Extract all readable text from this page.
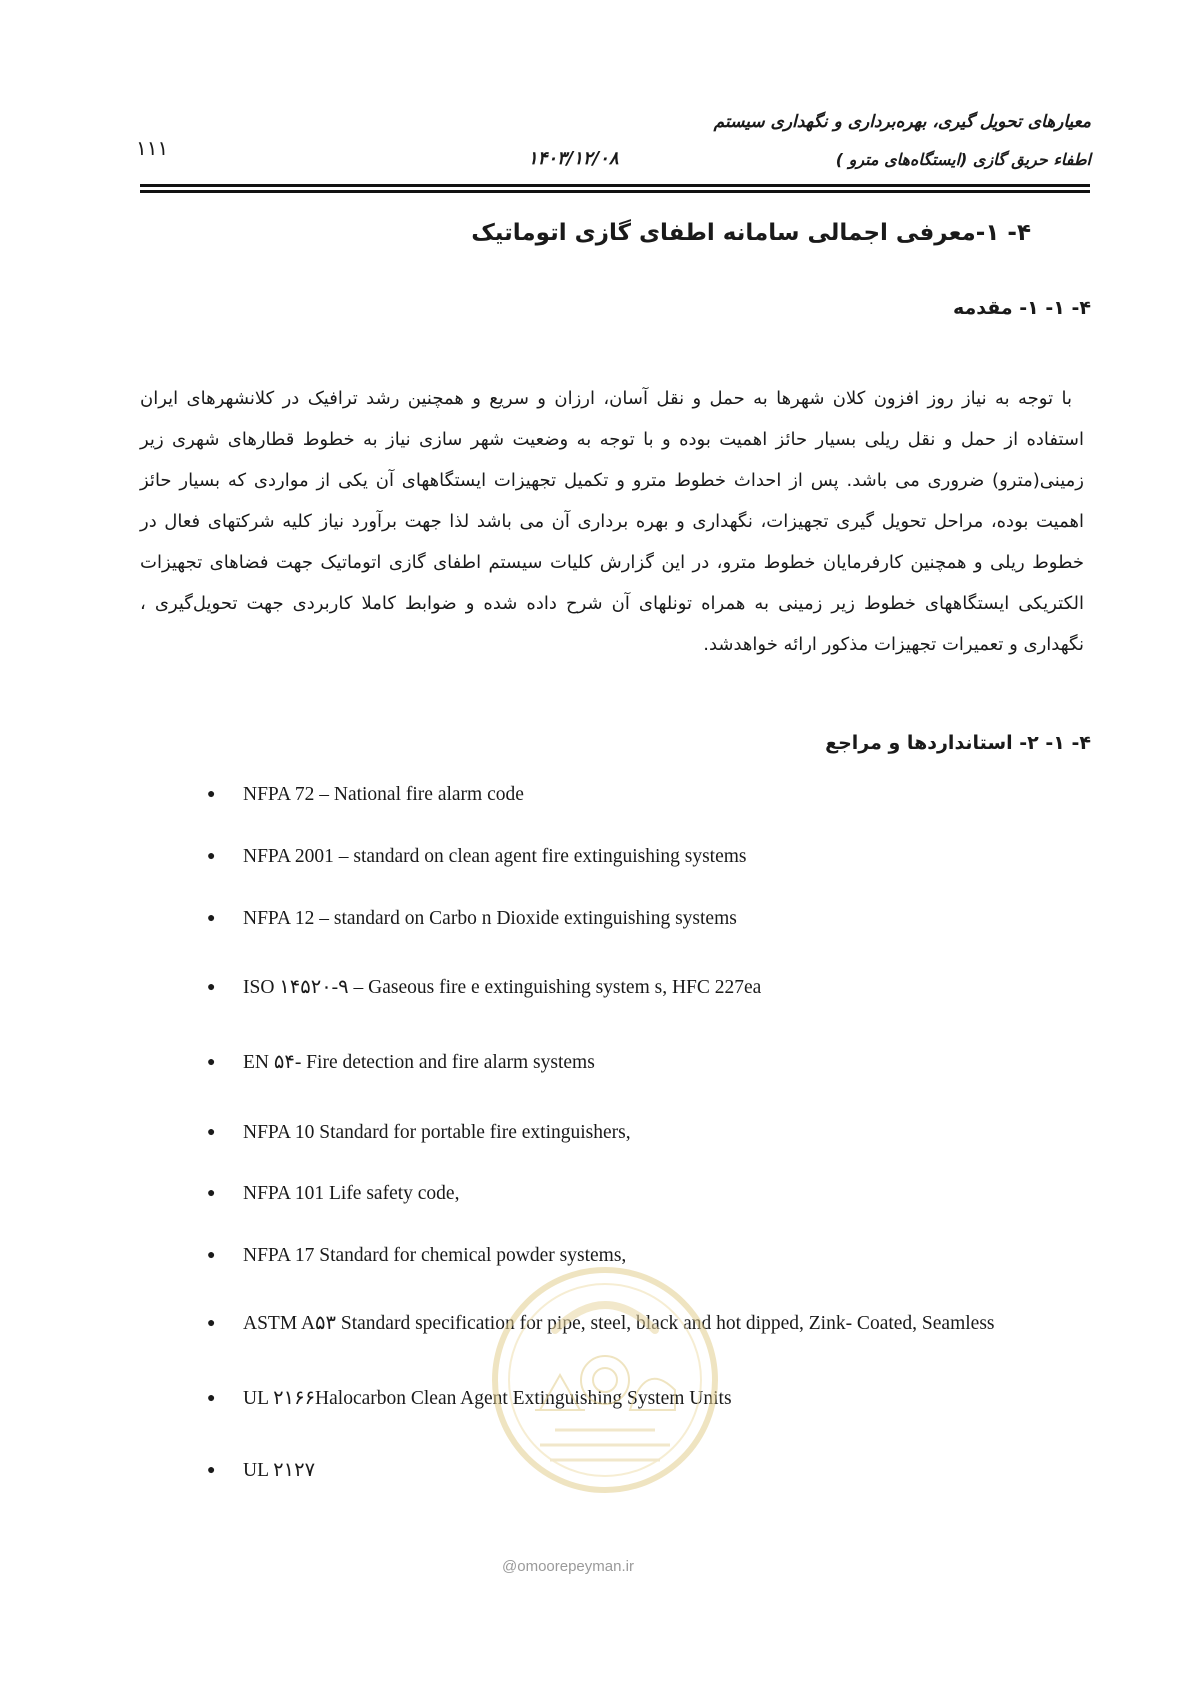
معیارهای تحویل گیری، بهره‌برداری و نگهداری سیستم
اطفاء حریق گازی (ایستگاه‌های مترو )
۱۴۰۳/۱۲/۰۸
۱۱۱
۴- ۱-معرفی اجمالی سامانه اطفای گازی اتوماتیک
۴- ۱- ۱- مقدمه

با توجه به نیاز روز افزون کلان شهرها به حمل و نقل آسان، ارزان و سریع و همچنین رشد ترافیک در کلانشهرهای ایران استفاده از حمل و نقل ریلی بسیار حائز اهمیت بوده و با توجه به وضعیت شهر سازی نیاز به خطوط قطارهای شهری زیر زمینی(مترو) ضروری می باشد. پس از احداث خطوط مترو و تکمیل تجهیزات ایستگاههای آن یکی از مواردی که بسیار حائز اهمیت بوده، مراحل تحویل گیری تجهیزات، نگهداری و بهره برداری آن می باشد لذا جهت برآورد نیاز کلیه شرکتهای فعال در خطوط ریلی و همچنین کارفرمایان خطوط مترو، در این گزارش کلیات سیستم اطفای گازی اتوماتیک جهت فضاهای تجهیزات الکتریکی ایستگاههای خطوط زیر زمینی به همراه تونلهای آن شرح داده شده و ضوابط کاملا کاربردی جهت تحویل‌گیری ، نگهداری و تعمیرات تجهیزات مذکور ارائه خواهدشد.

۴- ۱- ۲- استانداردها و مراجع
● NFPA 72 – National fire alarm code
● NFPA 2001 – standard on clean agent fire extinguishing systems
● NFPA 12 – standard on Carbo n Dioxide extinguishing systems
● ISO ۱۴۵۲۰-۹ – Gaseous fire e extinguishing system s, HFC 227ea
● EN ۵۴- Fire detection and fire alarm systems
● NFPA 10 Standard for portable fire extinguishers,
● NFPA 101 Life safety code,
● NFPA 17 Standard for chemical powder systems,
● ASTM A۵۳ Standard specification for pipe, steel, black and hot dipped, Zink- Coated, Seamless
● UL ۲۱۶۶Halocarbon Clean Agent Extinguishing System Units
● UL ۲۱۲۷
@omoorepeyman.ir
